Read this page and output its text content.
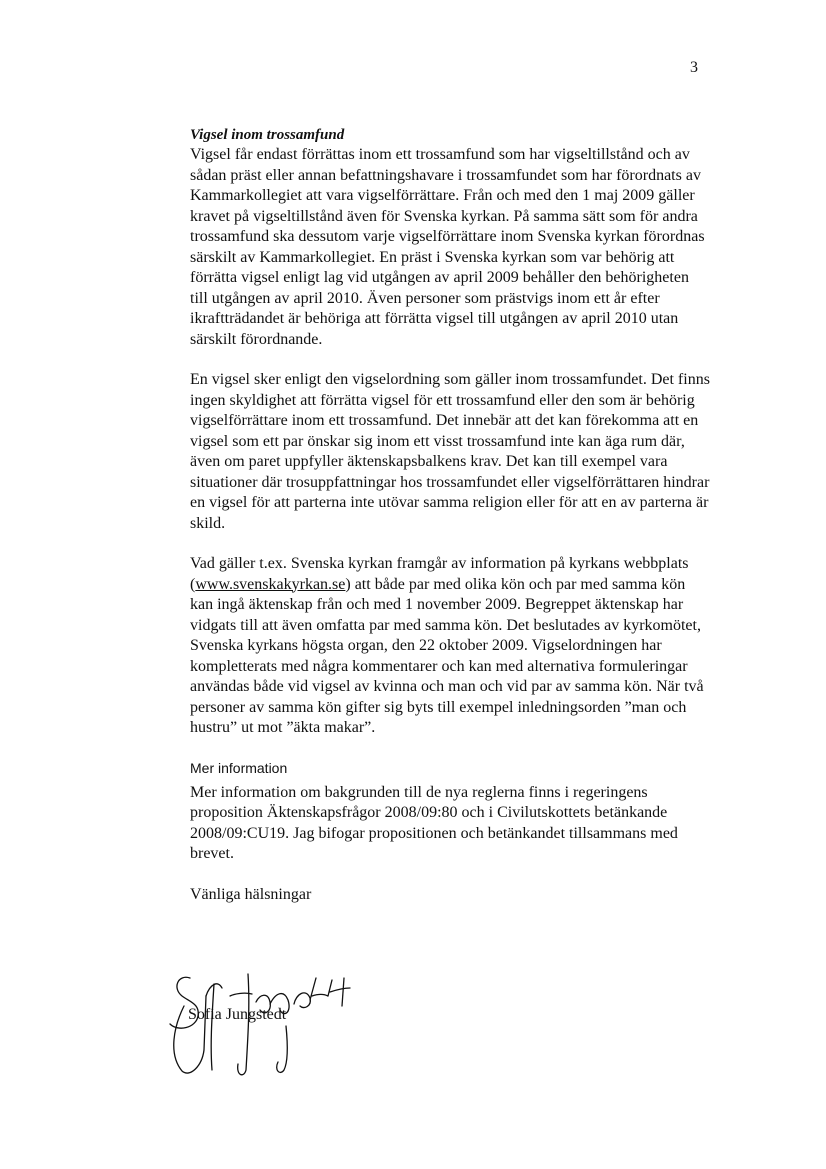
3

Vigsel inom trossamfund

Vigsel får endast förrättas inom ett trossamfund som har vigseltillstånd och av sådan präst eller annan befattningshavare i trossamfundet som har förordnats av Kammarkollegiet att vara vigselförrättare. Från och med den 1 maj 2009 gäller kravet på vigseltillstånd även för Svenska kyrkan. På samma sätt som för andra trossamfund ska dessutom varje vigselförrättare inom Svenska kyrkan förordnas särskilt av Kammarkollegiet. En präst i Svenska kyrkan som var behörig att förrätta vigsel enligt lag vid utgången av april 2009 behåller den behörigheten till utgången av april 2010. Även personer som prästvigs inom ett år efter ikraftträdandet är behöriga att förrätta vigsel till utgången av april 2010 utan särskilt förordnande.

En vigsel sker enligt den vigselordning som gäller inom trossamfundet. Det finns ingen skyldighet att förrätta vigsel för ett trossamfund eller den som är behörig vigselförrättare inom ett trossamfund. Det innebär att det kan förekomma att en vigsel som ett par önskar sig inom ett visst trossamfund inte kan äga rum där, även om paret uppfyller äktenskapsbalkens krav. Det kan till exempel vara situationer där trosuppfattningar hos trossamfundet eller vigselförrättaren hindrar en vigsel för att parterna inte utövar samma religion eller för att en av parterna är skild.

Vad gäller t.ex. Svenska kyrkan framgår av information på kyrkans webbplats (www.svenskakyrkan.se) att både par med olika kön och par med samma kön kan ingå äktenskap från och med 1 november 2009. Begreppet äktenskap har vidgats till att även omfatta par med samma kön. Det beslutades av kyrkomötet, Svenska kyrkans högsta organ, den 22 oktober 2009. Vigselordningen har kompletterats med några kommentarer och kan med alternativa formuleringar användas både vid vigsel av kvinna och man och vid par av samma kön. När två personer av samma kön gifter sig byts till exempel inledningsorden ”man och hustru” ut mot ”äkta makar”.

Mer information

Mer information om bakgrunden till de nya reglerna finns i regeringens proposition Äktenskapsfrågor 2008/09:80 och i Civilutskottets betänkande 2008/09:CU19. Jag bifogar propositionen och betänkandet tillsammans med brevet.

Vänliga hälsningar

Sofia Jungstedt
